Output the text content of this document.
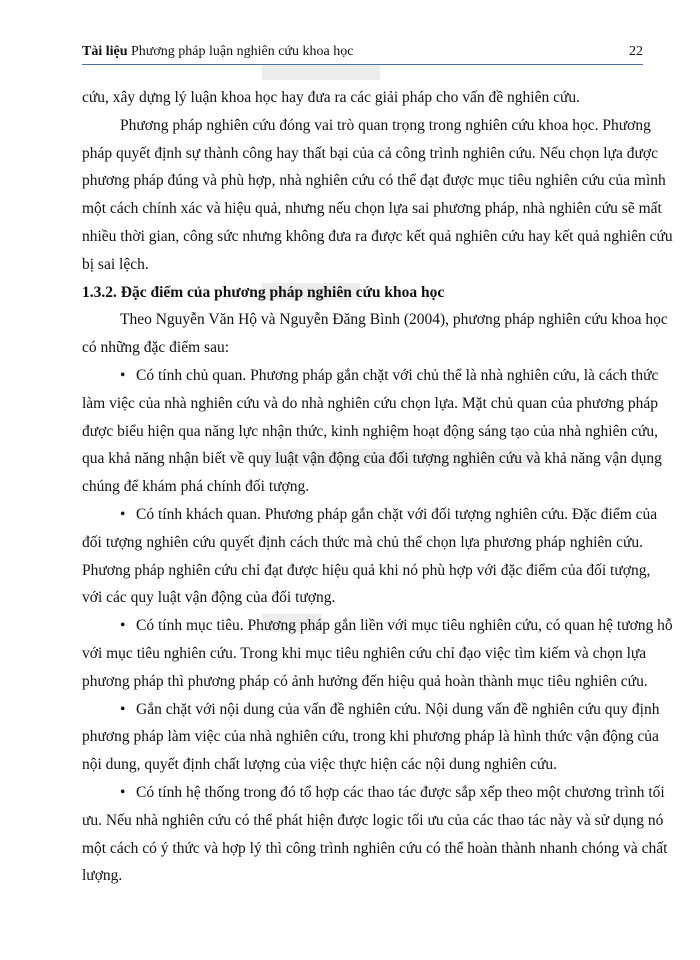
Tài liệu Phương pháp luận nghiên cứu khoa học	22
cứu, xây dựng lý luận khoa học hay đưa ra các giải pháp cho vấn đề nghiên cứu.
Phương pháp nghiên cứu đóng vai trò quan trọng trong nghiên cứu khoa học. Phương
pháp quyết định sự thành công hay thất bại của cả công trình nghiên cứu. Nếu chọn lựa được
phương pháp đúng và phù hợp, nhà nghiên cứu có thể đạt được mục tiêu nghiên cứu của mình
một cách chính xác và hiệu quả, nhưng nếu chọn lựa sai phương pháp, nhà nghiên cứu sẽ mất
nhiều thời gian, công sức nhưng không đưa ra được kết quả nghiên cứu hay kết quả nghiên cứu
bị sai lệch.
1.3.2. Đặc điểm của phương pháp nghiên cứu khoa học
Theo Nguyễn Văn Hộ và Nguyễn Đăng Bình (2004), phương pháp nghiên cứu khoa học
có những đặc điểm sau:
• Có tính chủ quan. Phương pháp gắn chặt với chủ thể là nhà nghiên cứu, là cách thức
làm việc của nhà nghiên cứu và do nhà nghiên cứu chọn lựa. Mặt chủ quan của phương pháp
được biểu hiện qua năng lực nhận thức, kinh nghiệm hoạt động sáng tạo của nhà nghiên cứu,
qua khả năng nhận biết về quy luật vận động của đối tượng nghiên cứu và khả năng vận dụng
chúng để khám phá chính đối tượng.
• Có tính khách quan. Phương pháp gắn chặt với đối tượng nghiên cứu. Đặc điểm của
đối tượng nghiên cứu quyết định cách thức mà chủ thể chọn lựa phương pháp nghiên cứu.
Phương pháp nghiên cứu chỉ đạt được hiệu quả khi nó phù hợp với đặc điểm của đối tượng,
với các quy luật vận động của đối tượng.
• Có tính mục tiêu. Phương pháp gắn liền với mục tiêu nghiên cứu, có quan hệ tương hỗ
với mục tiêu nghiên cứu. Trong khi mục tiêu nghiên cứu chỉ đạo việc tìm kiếm và chọn lựa
phương pháp thì phương pháp có ảnh hưởng đến hiệu quả hoàn thành mục tiêu nghiên cứu.
• Gắn chặt với nội dung của vấn đề nghiên cứu. Nội dung vấn đề nghiên cứu quy định
phương pháp làm việc của nhà nghiên cứu, trong khi phương pháp là hình thức vận động của
nội dung, quyết định chất lượng của việc thực hiện các nội dung nghiên cứu.
• Có tính hệ thống trong đó tổ hợp các thao tác được sắp xếp theo một chương trình tối
ưu. Nếu nhà nghiên cứu có thể phát hiện được logic tối ưu của các thao tác này và sử dụng nó
một cách có ý thức và hợp lý thì công trình nghiên cứu có thể hoàn thành nhanh chóng và chất
lượng.
